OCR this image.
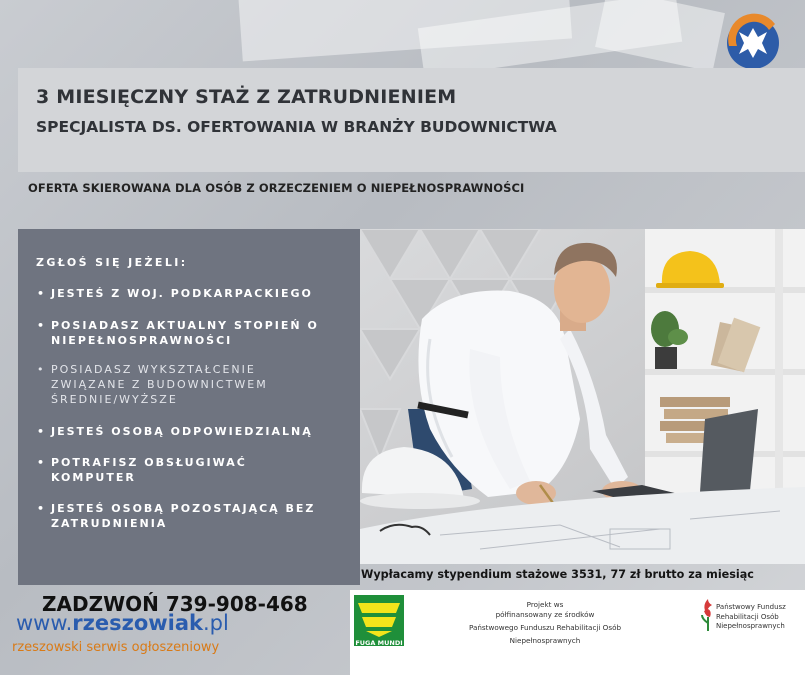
3 MIESIĘCZNY STAŻ Z ZATRUDNIENIEM
SPECJALISTA DS. OFERTOWANIA W BRANŻY BUDOWNICTWA
OFERTA SKIEROWANA DLA OSÓB Z ORZECZENIEM O NIEPEŁNOSPRAWNOŚCI
ZGŁOŚ SIĘ JEŻELI:
• JESTEŚ Z WOJ. PODKARPACKIEGO
• POSIADASZ AKTUALNY STOPIEŃ O NIEPEŁNOSPRAWNOŚCI
• POSIADASZ WYKSZTAŁCENIE ZWIĄZANE Z BUDOWNICTWEM ŚREDNIE/WYŻSZE
• JESTEŚ OSOBĄ ODPOWIEDZIALNĄ
• POTRAFISZ OBSŁUGIWAĆ KOMPUTER
• JESTEŚ OSOBĄ POZOSTAJĄCĄ BEZ ZATRUDNIENIA
Wypłacamy stypendium stażowe 3531, 77 zł brutto za miesiąc
FUGA MUNDI
Projekt ws
półfinansowany ze środków
Państwowego Funduszu Rehabilitacji Osób
Niepełnosprawnych
Państwowy Fundusz
Rehabilitacji Osób
Niepełnosprawnych
ZADZWOŃ 739-908-468
www.rzeszowiak.pl
rzeszowski serwis ogłoszeniowy
